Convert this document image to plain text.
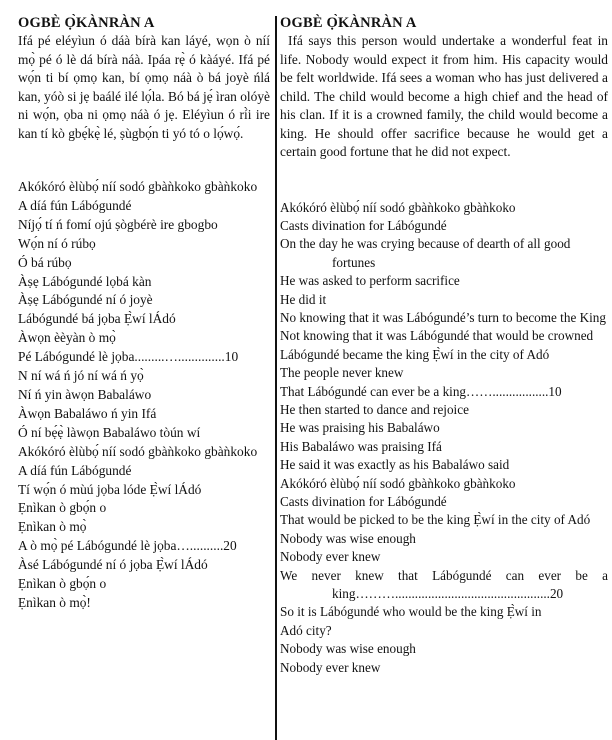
OGBÈ Ọ̀KÀNRÀN A

Ifá pé eléyìun ó dáà bírà kan láyé, wọn ò níí mọ̀ pé ó lè dá bírà náà. Ipáa rẹ̀ ó kàáyé. Ifá pé wọ́n ti bí ọmọ kan, bí ọmọ náà ò bá joyè ńlá kan, yóò si jẹ baálé ilé lọ́la. Bó bá jẹ́ ìran olóyè ni wọ́n, ọba ni ọmọ náà ó jẹ. Eléyìun ó rí̀i ire kan tí kò gbẹ́kẹ̀ lé, ṣùgbọ́n ti yó tó o lọ́wọ́.

Akókóró èlùbọ́ níí sodó gbàǹkoko gbàǹkoko
A díá fún Lábógundé
Níjọ́ tí ń fomí ojú ṣògbérè ire gbogbo
Wọ́n ní ó rúbọ
Ó bá rúbọ
Àṣẹ Lábógundé lọbá kàn
Àṣẹ Lábógundé ní ó joyè
Lábógundé bá jọba Ẹ̀wí lÁdó
Àwọn èèyàn ò mọ̀
Pé Lábógundé lè jọba.........…..............10
N ní wá ń jó ní wá ń yọ̀
Ní ń yin àwọn Babaláwo
Àwọn Babaláwo ń yin Ifá
Ó ní bẹ́ẹ̀ làwọn Babaláwo tòún wí
Akókóró èlùbọ́ níí sodó gbàǹkoko gbàǹkoko
A díá fún Lábógundé
Tí wọ́n ó mùú jọba lóde Ẹ̀wí lÁdó
Ẹnìkan ò gbọ́n o
Ẹnìkan ò mọ̀
A ò mọ̀ pé Lábógundé lè jọba…..........20
Àsé Lábógundé ní ó jọba Ẹ̀wí lÁdó
Ẹnìkan ò gbọ́n o
Ẹnìkan ò mọ̀!
OGBÈ Ọ̀KÀNRÀN A

Ifá says this person would undertake a wonderful feat in life. Nobody would expect it from him. His capacity would be felt worldwide. Ifá sees a woman who has just delivered a child. The child would become a high chief and the head of his clan. If it is a crowned family, the child would become a king. He should offer sacrifice because he would get a certain good fortune that he did not expect.

Akókóró èlùbọ́ níí sodó gbàǹkoko gbàǹkoko
Casts divination for Lábógundé
On the day he was crying because of dearth of all good fortunes
He was asked to perform sacrifice
He did it
No knowing that it was Lábógundé’s turn to become the King
Not knowing that it was Lábógundé that would be crowned
Lábógundé became the king Ẹ̀wí in the city of Adó
The people never knew
That Lábógundé can ever be a king…….................10
He then started to dance and rejoice
He was praising his Babaláwo
His Babaláwo was praising Ifá
He said it was exactly as his Babaláwo said
Akókóró èlùbọ́ níí sodó gbàǹkoko gbàǹkoko
Casts divination for Lábógundé
That would be picked to be the king Ẹ̀wí in the city of Adó
Nobody was wise enough
Nobody ever knew
We never knew that Lábógundé can ever be a king………...............................................20
So it is Lábógundé who would be the king Ẹ̀wí in
Adó city?
Nobody was wise enough
Nobody ever knew
